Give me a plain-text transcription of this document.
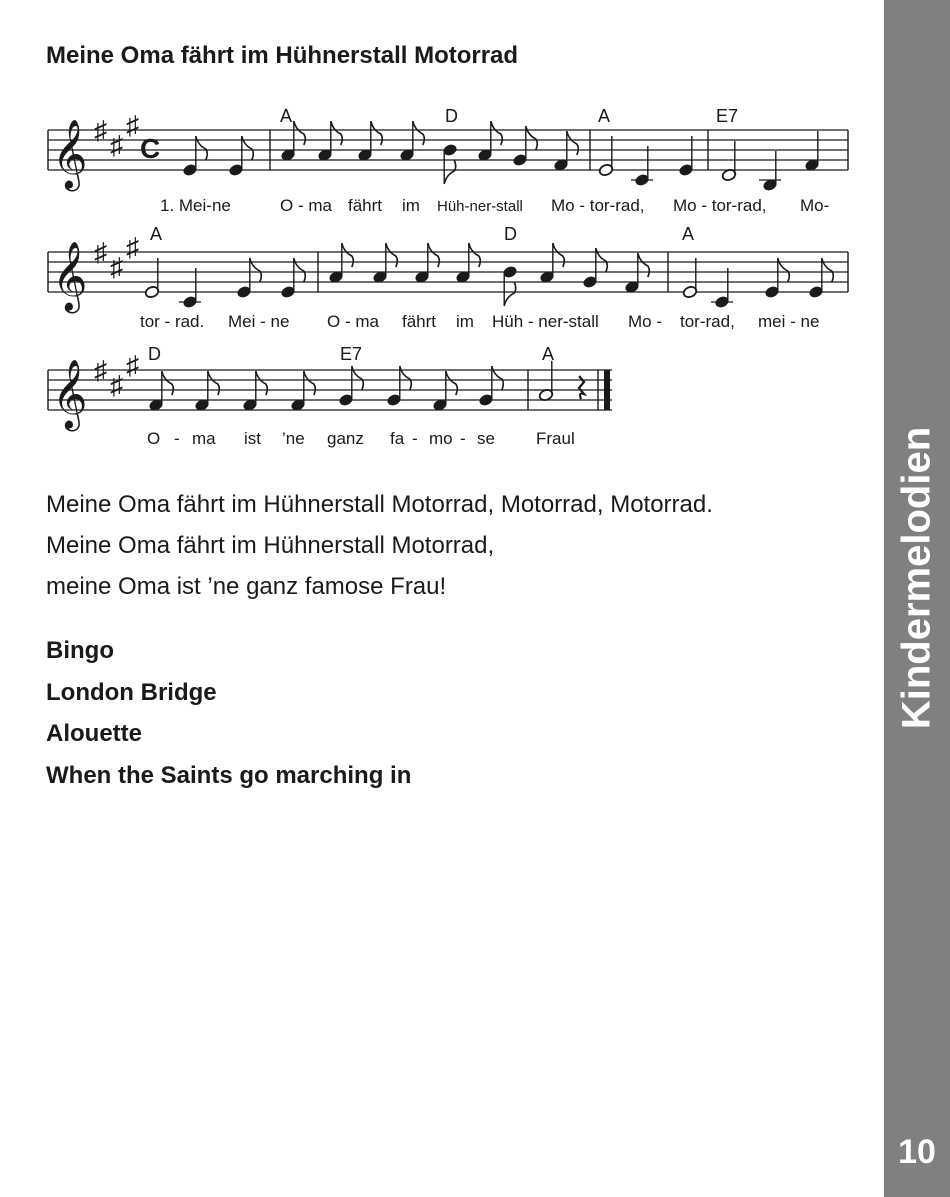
Kindermelodien
10
Meine Oma fährt im Hühnerstall Motorrad
𝄞 ♯ ♯
♯
C
𝄞 ♯ ♯
♯
𝄞 ♯ ♯
♯
A	D	A	E7
A	D	A
D	E7	A
1. Mei-ne	O - ma fährt im Hüh-ner-stall Mo - tor-rad, Mo - tor-rad, Mo-
tor - rad. Mei - ne O - ma fährt im Hüh - ner-stall Mo - tor-rad, mei - ne
O - ma ist ’ne ganz fa - mo - se Fraul
Meine Oma fährt im Hühnerstall Motorrad, Motorrad, Motorrad.
Meine Oma fährt im Hühnerstall Motorrad,
meine Oma ist ’ne ganz famose Frau!
Bingo
London Bridge
Alouette
When the Saints go marching in
